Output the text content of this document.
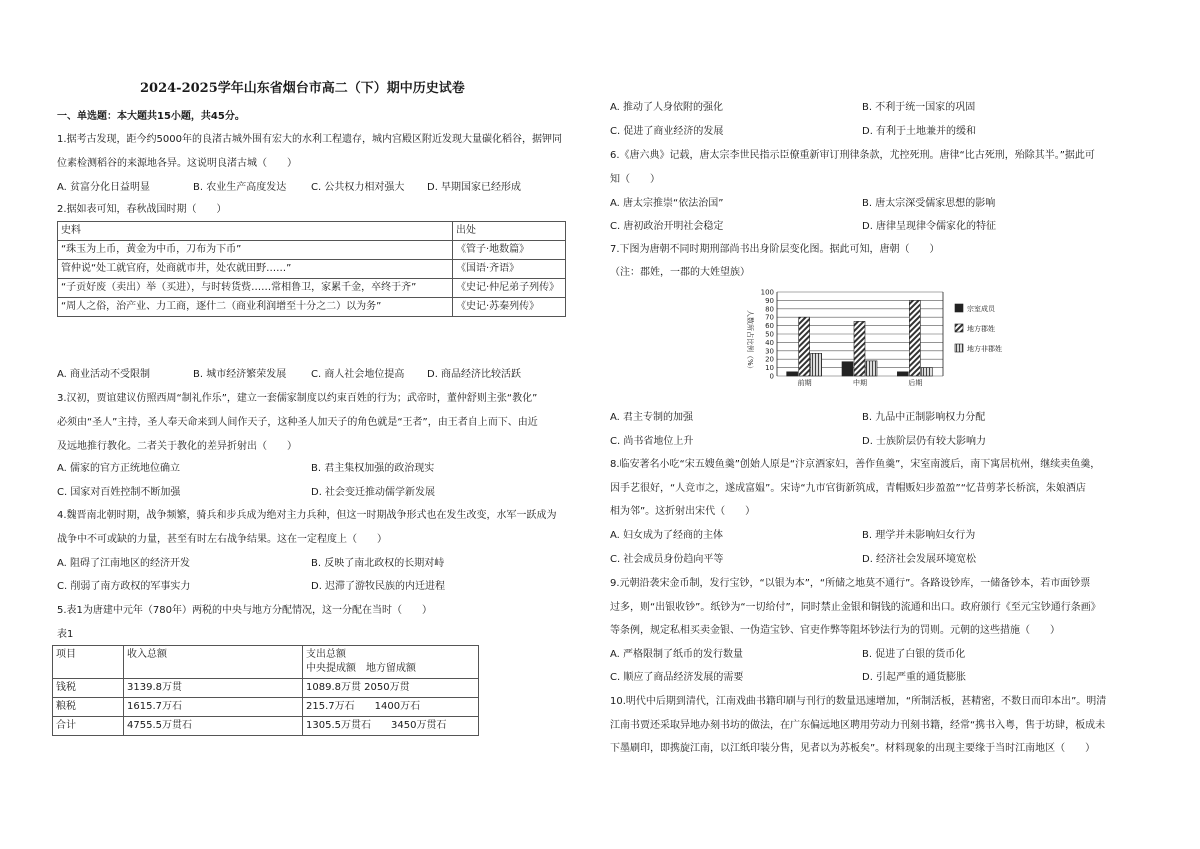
2024-2025学年山东省烟台市高二（下）期中历史试卷
一、单选题：本大题共15小题，共45分。
1.据考古发现，距今约5000年的良渚古城外围有宏大的水利工程遗存，城内宫殿区附近发现大量碳化稻谷，据钾同
位素检测稻谷的来源地各异。这说明良渚古城（　　）
A. 贫富分化日益明显	B. 农业生产高度发达 C. 公共权力相对强大 D. 早期国家已经形成
2.据如表可知，春秋战国时期（　　）
史料	出处
“珠玉为上币，黄金为中币，刀布为下币”	《管子·地数篇》
管仲说“处工就官府，处商就市井，处农就田野……”	《国语·齐语》
“子贡好废（卖出）举（买进），与时转货赀……常相鲁卫，家累千金，卒终于齐”	《史记·仲尼弟子列传》
“周人之俗，治产业、力工商，逐什二（商业利润增至十分之二）以为务”	《史记·苏秦列传》
A. 商业活动不受限制	B. 城市经济繁荣发展 C. 商人社会地位提高 D. 商品经济比较活跃
3.汉初，贾谊建议仿照西周“制礼作乐”，建立一套儒家制度以约束百姓的行为；武帝时，董仲舒则主张“教化”
必须由“圣人”主持，圣人奉天命来到人间作天子，这种圣人加天子的角色就是“王者”，由王者自上而下、由近
及远地推行教化。二者关于教化的差异折射出（　　）
A. 儒家的官方正统地位确立	B. 君主集权加强的政治现实
C. 国家对百姓控制不断加强	D. 社会变迁推动儒学新发展
4.魏晋南北朝时期，战争频繁，骑兵和步兵成为绝对主力兵种，但这一时期战争形式也在发生改变，水军一跃成为
战争中不可或缺的力量，甚至有时左右战争结果。这在一定程度上（　　）
A. 阻碍了江南地区的经济开发	B. 反映了南北政权的长期对峙
C. 削弱了南方政权的军事实力	D. 迟滞了游牧民族的内迁进程
5.表1为唐建中元年（780年）两税的中央与地方分配情况，这一分配在当时（　　）
表1
项目	收入总额	支出总额
中央提成额　地方留成额

钱税	3139.8万贯	1089.8万贯 2050万贯
粮税	1615.7万石	215.7万石　　1400万石
合计	4755.5万贯石	1305.5万贯石　　3450万贯石
A. 推动了人身依附的强化	B. 不利于统一国家的巩固
C. 促进了商业经济的发展	D. 有利于土地兼并的缓和
6.《唐六典》记载，唐太宗李世民指示臣僚重新审订刑律条款，尤控死刑。唐律“比古死刑，殆除其半。”据此可
知（　　）
A. 唐太宗推崇“依法治国”	B. 唐太宗深受儒家思想的影响
C. 唐初政治开明社会稳定	D. 唐律呈现律令儒家化的特征
7.下图为唐朝不同时期刑部尚书出身阶层变化图。据此可知，唐朝（　　）
（注：郡姓，一郡的大姓望族）
人数所占比例（%）
0
10
20
30
40
50
60
70
80
90
100
前期	中期	后期
宗室成员
地方郡姓
地方非郡姓
A. 君主专制的加强	B. 九品中正制影响权力分配
C. 尚书省地位上升	D. 士族阶层仍有较大影响力
8.临安著名小吃“宋五嫂鱼羹”创始人原是“汴京酒家妇，善作鱼羹”，宋室南渡后，南下寓居杭州，继续卖鱼羹，
因手艺很好，“人竞市之，遂成富媪”。宋诗“九市官街新筑成，青帽贩妇步盈盈”“忆昔剪茅长桥滨，朱娘酒店
相为邻”。这折射出宋代（　　）
A. 妇女成为了经商的主体	B. 理学并未影响妇女行为
C. 社会成员身份趋向平等	D. 经济社会发展环境宽松
9.元朝沿袭宋金币制，发行宝钞，“以银为本”，“所储之地莫不通行”。各路设钞库，一储备钞本，若市面钞票
过多，则“出银收钞”。纸钞为“一切给付”，同时禁止金银和铜钱的流通和出口。政府颁行《至元宝钞通行条画》
等条例，规定私相买卖金银、一伪造宝钞、官吏作弊等阻坏钞法行为的罚则。元朝的这些措施（　　）
A. 严格限制了纸币的发行数量	B. 促进了白银的货币化
C. 顺应了商品经济发展的需要	D. 引起严重的通货膨胀
10.明代中后期到清代，江南戏曲书籍印刷与刊行的数量迅速增加，“所制活板，甚精密，不数日而印本出”。明清
江南书贾还采取异地办刻书坊的做法，在广东偏远地区聘用劳动力刊刻书籍，经常“携书入粤，售于坊肆，板成未
下墨刷印，即携旋江南，以江纸印装分售，见者以为苏板矣”。材料现象的出现主要缘于当时江南地区（　　）
